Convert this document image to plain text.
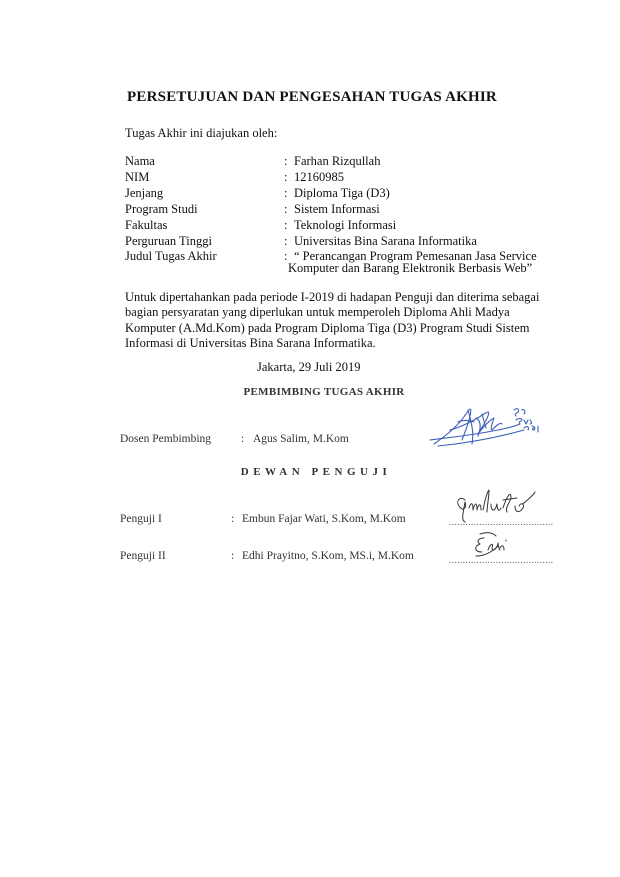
PERSETUJUAN DAN PENGESAHAN TUGAS AKHIR
Tugas Akhir ini diajukan oleh:
Nama	: Farhan Rizqullah
NIM	: 12160985
Jenjang	: Diploma Tiga (D3)
Program Studi	: Sistem Informasi
Fakultas	: Teknologi Informasi
Perguruan Tinggi	: Universitas Bina Sarana Informatika
Judul Tugas Akhir	: “ Perancangan Program Pemesanan Jasa Service
Komputer dan Barang Elektronik Berbasis Web”

Untuk dipertahankan pada periode I-2019 di hadapan Penguji dan diterima sebagai

bagian persyaratan yang diperlukan untuk memperoleh Diploma Ahli Madya

Komputer (A.Md.Kom) pada Program Diploma Tiga (D3) Program Studi Sistem

Informasi di Universitas Bina Sarana Informatika.

Jakarta, 29 Juli 2019
PEMBIMBING TUGAS AKHIR
Dosen Pembimbing	: Agus Salim, M.Kom
DEWAN PENGUJI
Penguji I	: Embun Fajar Wati, S.Kom, M.Kom	......................................
Penguji II	: Edhi Prayitno, S.Kom, MS.i, M.Kom	......................................
